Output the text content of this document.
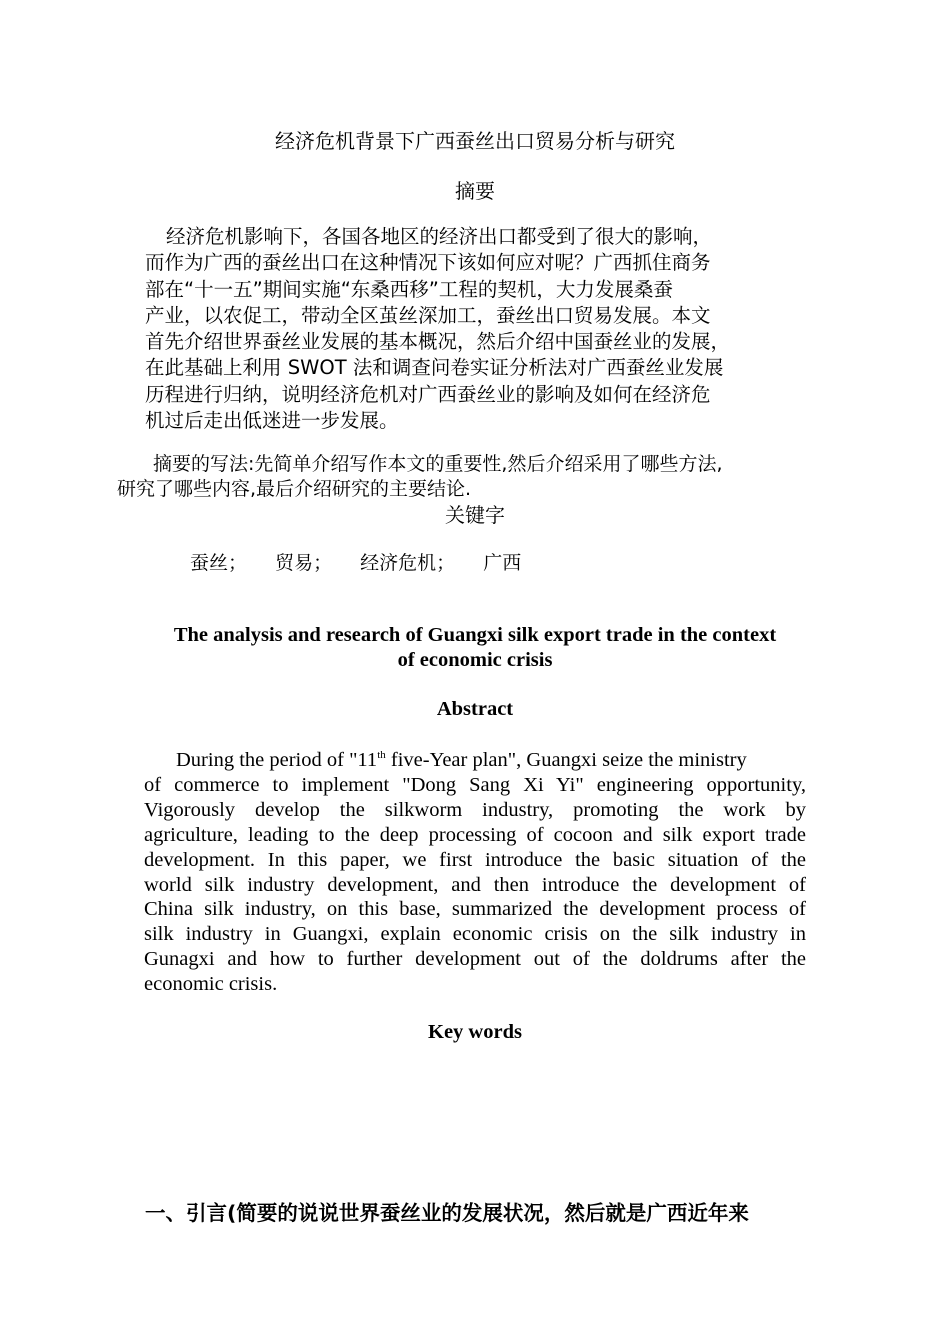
经济危机背景下广西蚕丝出口贸易分析与研究
摘要
经济危机影响下，各国各地区的经济出口都受到了很大的影响，
而作为广西的蚕丝出口在这种情况下该如何应对呢？广西抓住商务
部在“十一五”期间实施“东桑西移”工程的契机，大力发展桑蚕
产业，以农促工，带动全区茧丝深加工，蚕丝出口贸易发展。本文
首先介绍世界蚕丝业发展的基本概况，然后介绍中国蚕丝业的发展，
在此基础上利用 SWOT 法和调查问卷实证分析法对广西蚕丝业发展
历程进行归纳，说明经济危机对广西蚕丝业的影响及如何在经济危
机过后走出低迷进一步发展。
摘要的写法:先简单介绍写作本文的重要性,然后介绍采用了哪些方法,
研究了哪些内容,最后介绍研究的主要结论.
关键字
蚕丝； 贸易； 经济危机； 广西
The analysis and research of Guangxi silk export trade in the context
of economic crisis
Abstract
During the period of "11th five-Year plan", Guangxi seize the ministry
of commerce to implement "Dong Sang Xi Yi" engineering opportunity,
Vigorously develop the silkworm industry, promoting the work by
agriculture, leading to the deep processing of cocoon and silk export trade
development. In this paper, we first introduce the basic situation of the
world silk industry development, and then introduce the development of
China silk industry, on this base, summarized the development process of
silk industry in Guangxi, explain economic crisis on the silk industry in
Gunagxi and how to further development out of the doldrums after the
economic crisis.
Key words
一、引言(简要的说说世界蚕丝业的发展状况，然后就是广西近年来
